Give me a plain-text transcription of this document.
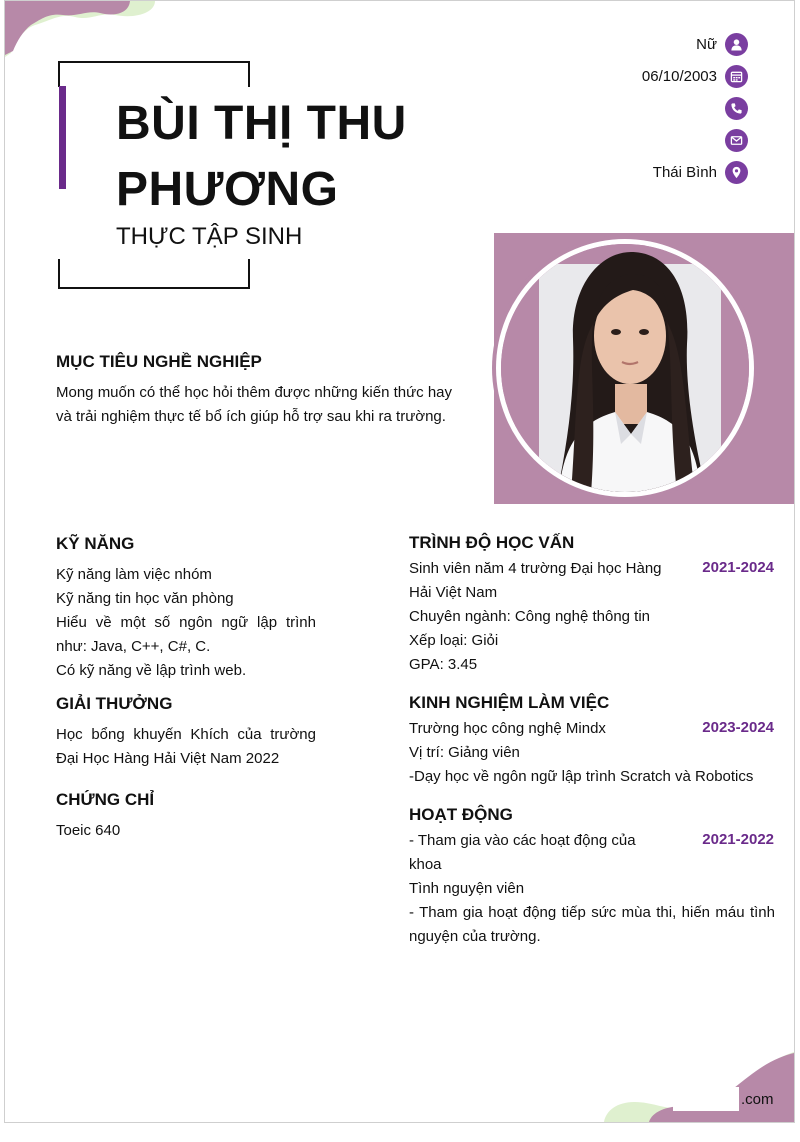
BÙI THỊ THU PHƯƠNG
THỰC TẬP SINH
Nữ
06/10/2003
Thái Bình
MỤC TIÊU NGHỀ NGHIỆP
Mong muốn có thể học hỏi thêm được những kiến thức hay và trải nghiệm thực tế bổ ích giúp hỗ trợ sau khi ra trường.
KỸ NĂNG
Kỹ năng làm việc nhóm
Kỹ năng tin học văn phòng
Hiểu về một số ngôn ngữ lập trình như: Java, C++, C#, C.
Có kỹ năng về lập trình web.
GIẢI THƯỞNG
Học bổng khuyến Khích của trường Đại Học Hàng Hải Việt Nam 2022
CHỨNG CHỈ
Toeic 640
TRÌNH ĐỘ HỌC VẤN
2021-2024
Sinh viên năm 4 trường Đại học Hàng Hải Việt Nam
Chuyên ngành: Công nghệ thông tin
Xếp loại: Giỏi
GPA: 3.45
KINH NGHIỆM LÀM VIỆC
2023-2024
Trường học công nghệ Mindx
Vị trí: Giảng viên
-Dạy học về ngôn ngữ lập trình Scratch và Robotics
HOẠT ĐỘNG
2021-2022
- Tham gia vào các hoạt động của khoa
Tình nguyện viên
- Tham gia hoạt động tiếp sức mùa thi, hiến máu tình nguyện của trường.
.com
